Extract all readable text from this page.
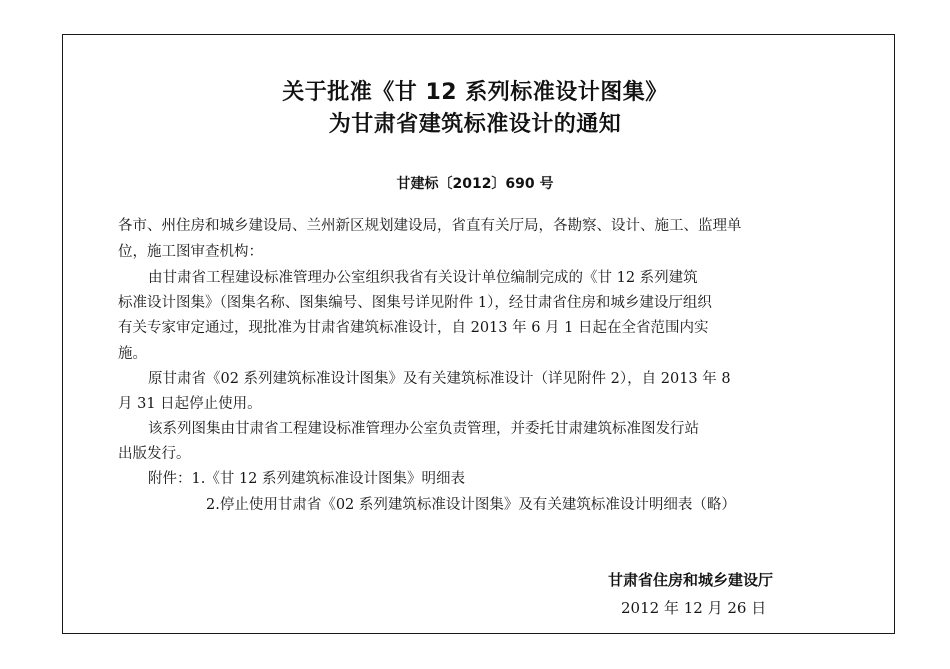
关于批准《甘 12 系列标准设计图集》
为甘肃省建筑标准设计的通知
甘建标〔2012〕690 号
各市、州住房和城乡建设局、兰州新区规划建设局，省直有关厅局，各勘察、设计、施工、监理单
位，施工图审查机构：
由甘肃省工程建设标准管理办公室组织我省有关设计单位编制完成的《甘 12 系列建筑
标准设计图集》（图集名称、图集编号、图集号详见附件 1），经甘肃省住房和城乡建设厅组织
有关专家审定通过，现批准为甘肃省建筑标准设计，自 2013 年 6 月 1 日起在全省范围内实
施。
原甘肃省《02 系列建筑标准设计图集》及有关建筑标准设计（详见附件 2），自 2013 年 8
月 31 日起停止使用。
该系列图集由甘肃省工程建设标准管理办公室负责管理，并委托甘肃建筑标准图发行站
出版发行。
附件：1.《甘 12 系列建筑标准设计图集》明细表
2.停止使用甘肃省《02 系列建筑标准设计图集》及有关建筑标准设计明细表（略）
甘肃省住房和城乡建设厅
2012 年 12 月 26 日
